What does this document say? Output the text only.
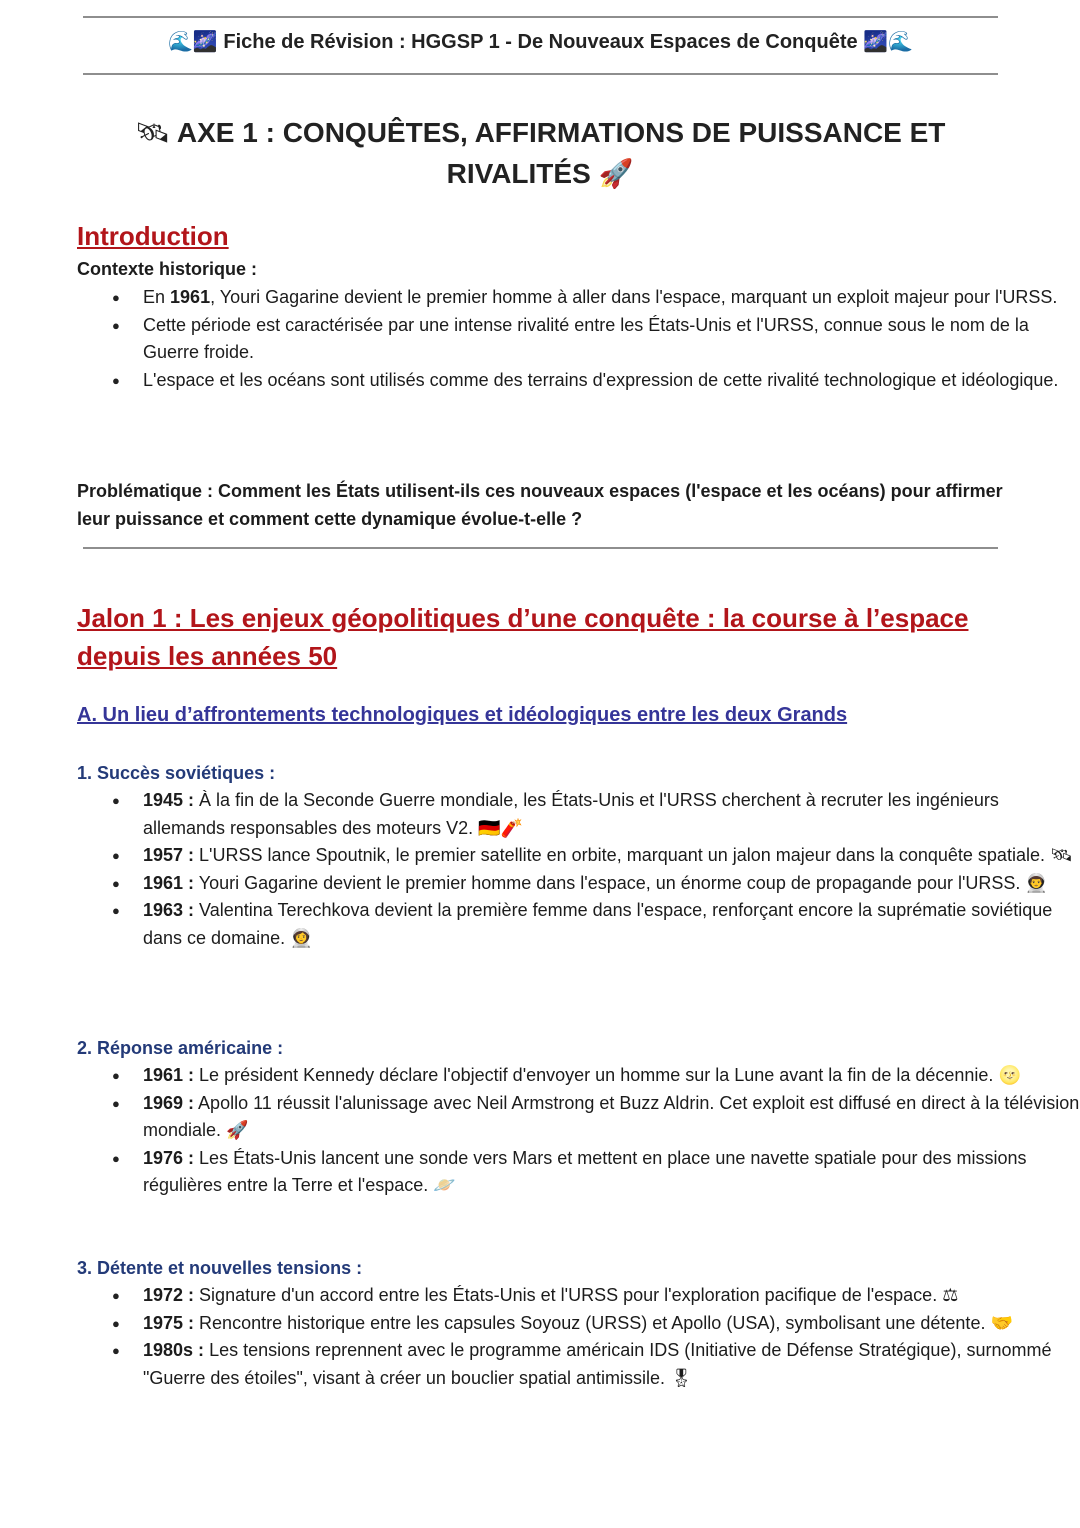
🌊🌌 Fiche de Révision : HGGSP 1 - De Nouveaux Espaces de Conquête 🌌🌊
🛰 AXE 1 : CONQUÊTES, AFFIRMATIONS DE PUISSANCE ET RIVALITÉS 🚀
Introduction
Contexte historique :
● En 1961, Youri Gagarine devient le premier homme à aller dans l'espace, marquant un exploit majeur pour l'URSS.
● Cette période est caractérisée par une intense rivalité entre les États-Unis et l'URSS, connue sous le nom de la Guerre froide.
● L'espace et les océans sont utilisés comme des terrains d'expression de cette rivalité technologique et idéologique.
Problématique : Comment les États utilisent-ils ces nouveaux espaces (l'espace et les océans) pour affirmer leur puissance et comment cette dynamique évolue-t-elle ?
Jalon 1 : Les enjeux géopolitiques d’une conquête : la course à l’espace depuis les années 50
A. Un lieu d’affrontements technologiques et idéologiques entre les deux Grands
1. Succès soviétiques :
● 1945 : À la fin de la Seconde Guerre mondiale, les États-Unis et l'URSS cherchent à recruter les ingénieurs allemands responsables des moteurs V2. 🇩🇪🧨
● 1957 : L'URSS lance Spoutnik, le premier satellite en orbite, marquant un jalon majeur dans la conquête spatiale. 🛰
● 1961 : Youri Gagarine devient le premier homme dans l'espace, un énorme coup de propagande pour l'URSS. 👨‍🚀
● 1963 : Valentina Terechkova devient la première femme dans l'espace, renforçant encore la suprématie soviétique dans ce domaine. 👩‍🚀
2. Réponse américaine :
● 1961 : Le président Kennedy déclare l'objectif d'envoyer un homme sur la Lune avant la fin de la décennie. 🌝
● 1969 : Apollo 11 réussit l'alunissage avec Neil Armstrong et Buzz Aldrin. Cet exploit est diffusé en direct à la télévision mondiale. 🚀
● 1976 : Les États-Unis lancent une sonde vers Mars et mettent en place une navette spatiale pour des missions régulières entre la Terre et l'espace. 🪐
3. Détente et nouvelles tensions :
● 1972 : Signature d'un accord entre les États-Unis et l'URSS pour l'exploration pacifique de l'espace. ⚖
● 1975 : Rencontre historique entre les capsules Soyouz (URSS) et Apollo (USA), symbolisant une détente. 🤝
● 1980s : Les tensions reprennent avec le programme américain IDS (Initiative de Défense Stratégique), surnommé "Guerre des étoiles", visant à créer un bouclier spatial antimissile. 🎖
